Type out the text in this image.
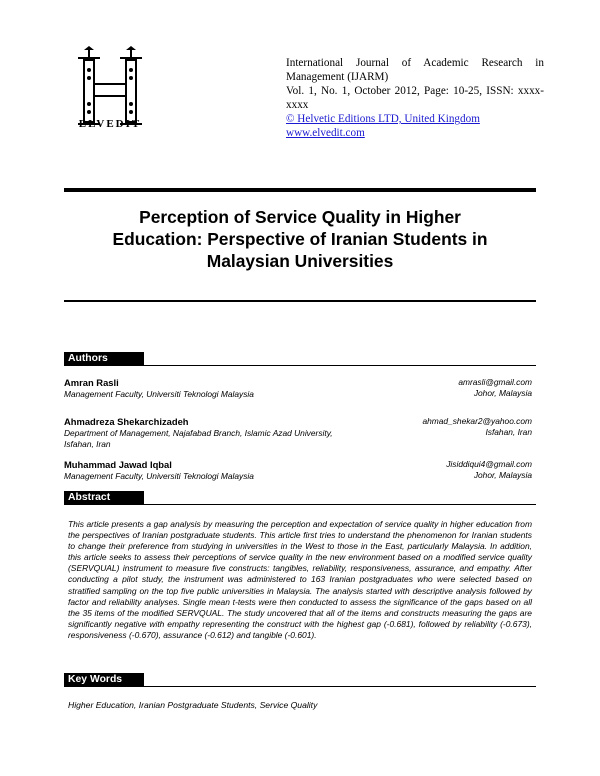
ELVEDIT
International Journal of Academic Research in
Management (IJARM)
Vol. 1, No. 1, October 2012, Page: 10-25, ISSN: xxxx-
xxxx
© Helvetic Editions LTD, United Kingdom
www.elvedit.com
Perception of Service Quality in Higher
Education: Perspective of Iranian Students in
Malaysian Universities
Authors
Amran Rasli
Management Faculty, Universiti Teknologi Malaysia
amrasli@gmail.com
Johor, Malaysia
Ahmadreza Shekarchizadeh
Department of Management, Najafabad Branch, Islamic Azad University, Isfahan, Iran
ahmad_shekar2@yahoo.com
Isfahan, Iran
Muhammad Jawad Iqbal
Management Faculty, Universiti Teknologi Malaysia
Jisiddiqui4@gmail.com
Johor, Malaysia
Abstract
This article presents a gap analysis by measuring the perception and expectation of service quality in higher education from the perspectives of Iranian postgraduate students. This article first tries to understand the phenomenon for Iranian students to change their preference from studying in universities in the West to those in the East, particularly Malaysia. In addition, this article seeks to assess their perceptions of service quality in the new environment based on a modified service quality (SERVQUAL) instrument to measure five constructs: tangibles, reliability, responsiveness, assurance, and empathy. After conducting a pilot study, the instrument was administered to 163 Iranian postgraduates who were selected based on stratified sampling on the top five public universities in Malaysia. The analysis started with descriptive analysis followed by factor and reliability analyses. Single mean t-tests were then conducted to assess the significance of the gaps based on all the 35 items of the modified SERVQUAL. The study uncovered that all of the items and constructs measuring the gaps are significantly negative with empathy representing the construct with the highest gap (-0.681), followed by reliability (-0.673), responsiveness (-0.670), assurance (-0.612) and tangible (-0.601).
Key Words
Higher Education, Iranian Postgraduate Students, Service Quality
